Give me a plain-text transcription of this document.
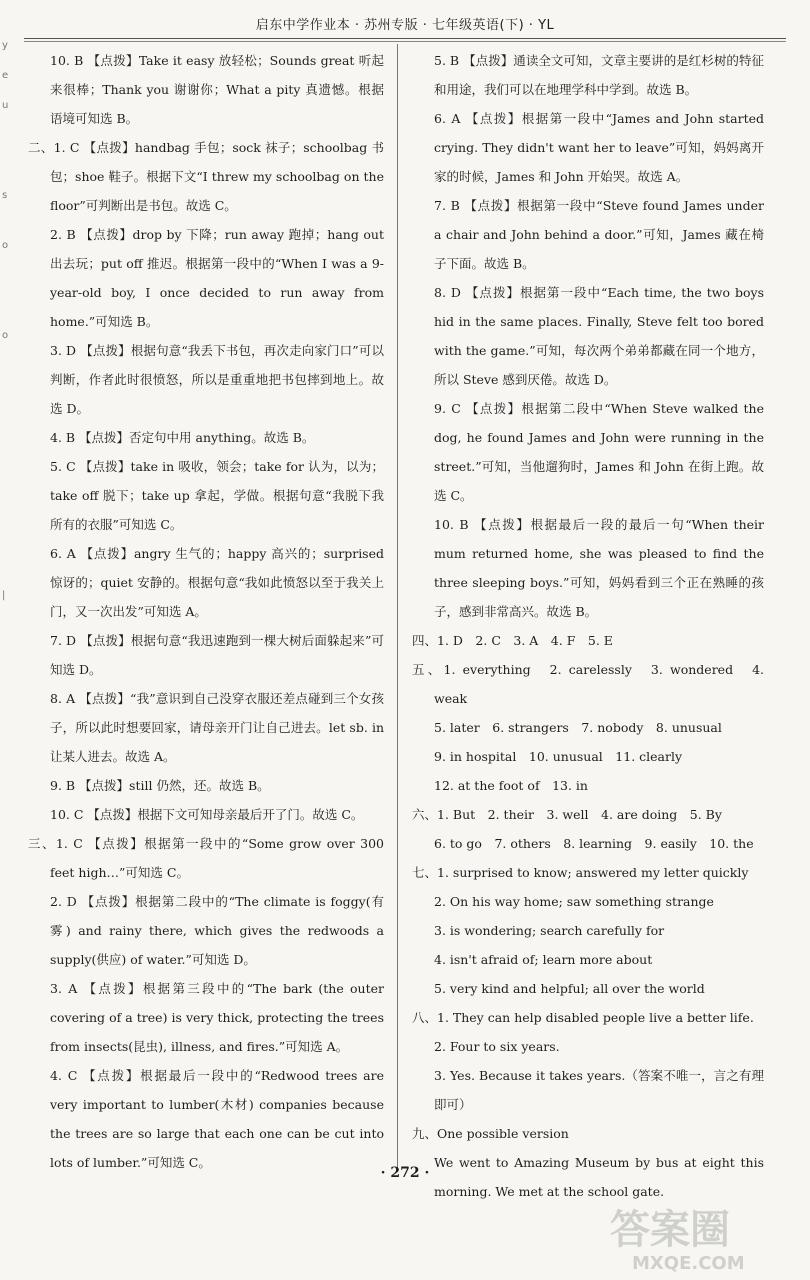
启东中学作业本 · 苏州专版 · 七年级英语(下) · YL
y
e
u
s
o
o
|
10. B 【点拨】Take it easy 放轻松；Sounds great 听起来很棒；Thank you 谢谢你；What a pity 真遗憾。根据语境可知选 B。
二、1. C 【点拨】handbag 手包；sock 袜子；schoolbag 书包；shoe 鞋子。根据下文“I threw my schoolbag on the floor”可判断出是书包。故选 C。
2. B 【点拨】drop by 下降；run away 跑掉；hang out 出去玩；put off 推迟。根据第一段中的“When I was a 9-year-old boy, I once decided to run away from home.”可知选 B。
3. D 【点拨】根据句意“我丢下书包，再次走向家门口”可以判断，作者此时很愤怒，所以是重重地把书包摔到地上。故选 D。
4. B 【点拨】否定句中用 anything。故选 B。
5. C 【点拨】take in 吸收，领会；take for 认为，以为；take off 脱下；take up 拿起，学做。根据句意“我脱下我所有的衣服”可知选 C。
6. A 【点拨】angry 生气的；happy 高兴的；surprised 惊讶的；quiet 安静的。根据句意“我如此愤怒以至于我关上门，又一次出发”可知选 A。
7. D 【点拨】根据句意“我迅速跑到一棵大树后面躲起来”可知选 D。
8. A 【点拨】“我”意识到自己没穿衣服还差点碰到三个女孩子，所以此时想要回家，请母亲开门让自己进去。let sb. in 让某人进去。故选 A。
9. B 【点拨】still 仍然，还。故选 B。
10. C 【点拨】根据下文可知母亲最后开了门。故选 C。
三、1. C 【点拨】根据第一段中的“Some grow over 300 feet high…”可知选 C。
2. D 【点拨】根据第二段中的“The climate is foggy(有雾) and rainy there, which gives the redwoods a supply(供应) of water.”可知选 D。
3. A 【点拨】根据第三段中的“The bark (the outer covering of a tree) is very thick, protecting the trees from insects(昆虫), illness, and fires.”可知选 A。
4. C 【点拨】根据最后一段中的“Redwood trees are very important to lumber(木材) companies because the trees are so large that each one can be cut into lots of lumber.”可知选 C。
5. B 【点拨】通读全文可知，文章主要讲的是红杉树的特征和用途，我们可以在地理学科中学到。故选 B。
6. A 【点拨】根据第一段中“James and John started crying. They didn't want her to leave”可知，妈妈离开家的时候，James 和 John 开始哭。故选 A。
7. B 【点拨】根据第一段中“Steve found James under a chair and John behind a door.”可知，James 藏在椅子下面。故选 B。
8. D 【点拨】根据第一段中“Each time, the two boys hid in the same places. Finally, Steve felt too bored with the game.”可知，每次两个弟弟都藏在同一个地方，所以 Steve 感到厌倦。故选 D。
9. C 【点拨】根据第二段中“When Steve walked the dog, he found James and John were running in the street.”可知，当他遛狗时，James 和 John 在街上跑。故选 C。
10. B 【点拨】根据最后一段的最后一句“When their mum returned home, she was pleased to find the three sleeping boys.”可知，妈妈看到三个正在熟睡的孩子，感到非常高兴。故选 B。
四、1. D　2. C　3. A　4. F　5. E
五、1. everything　2. carelessly　3. wondered　4. weak
5. later　6. strangers　7. nobody　8. unusual
9. in hospital　10. unusual　11. clearly
12. at the foot of　13. in
六、1. But　2. their　3. well　4. are doing　5. By
6. to go　7. others　8. learning　9. easily　10. the
七、1. surprised to know; answered my letter quickly
2. On his way home; saw something strange
3. is wondering; search carefully for
4. isn't afraid of; learn more about
5. very kind and helpful; all over the world
八、1. They can help disabled people live a better life.
2. Four to six years.
3. Yes. Because it takes years.（答案不唯一，言之有理即可）
九、One possible version
We went to Amazing Museum by bus at eight this morning. We met at the school gate.
· 272 ·
答案圈
MXQE.COM
